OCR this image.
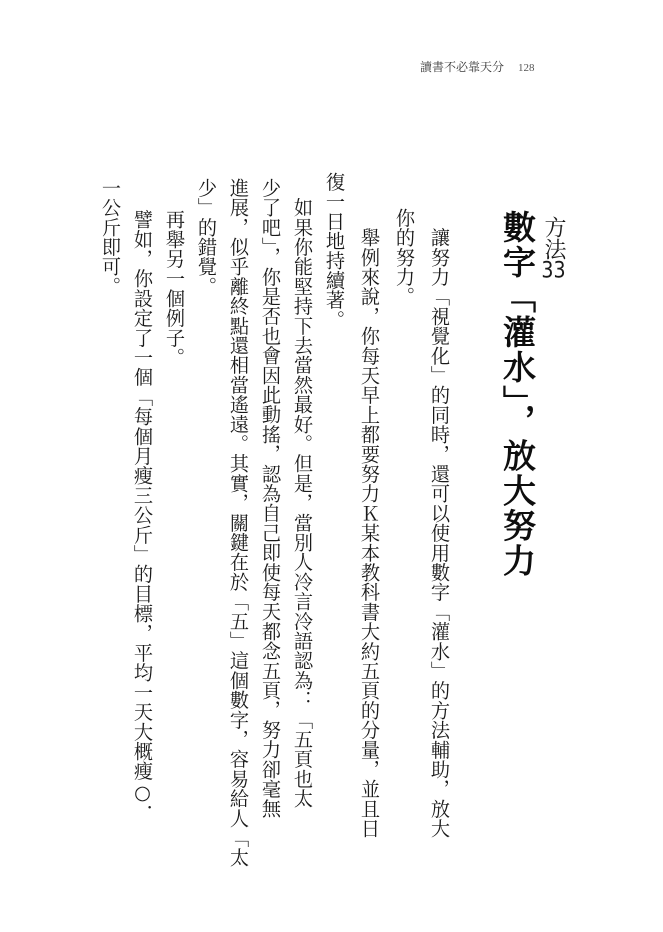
讀書不必靠天分 128
方法33
數字「灌水」，放大努力
　讓努力「視覺化」的同時，還可以使用數字「灌水」的方法輔助，放大
你的努力。
　舉例來說，你每天早上都要努力Ｋ某本教科書大約五頁的分量，並且日
復一日地持續著。
　如果你能堅持下去當然最好。但是，當別人冷言冷語認為：「五頁也太
少了吧」，你是否也會因此動搖，認為自己即使每天都念五頁，努力卻毫無
進展，似乎離終點還相當遙遠。其實，關鍵在於「五」這個數字，容易給人「太
少」的錯覺。
　再舉另一個例子。
　譬如，你設定了一個「每個月瘦三公斤」的目標，平均一天大概瘦○．
一公斤即可。
